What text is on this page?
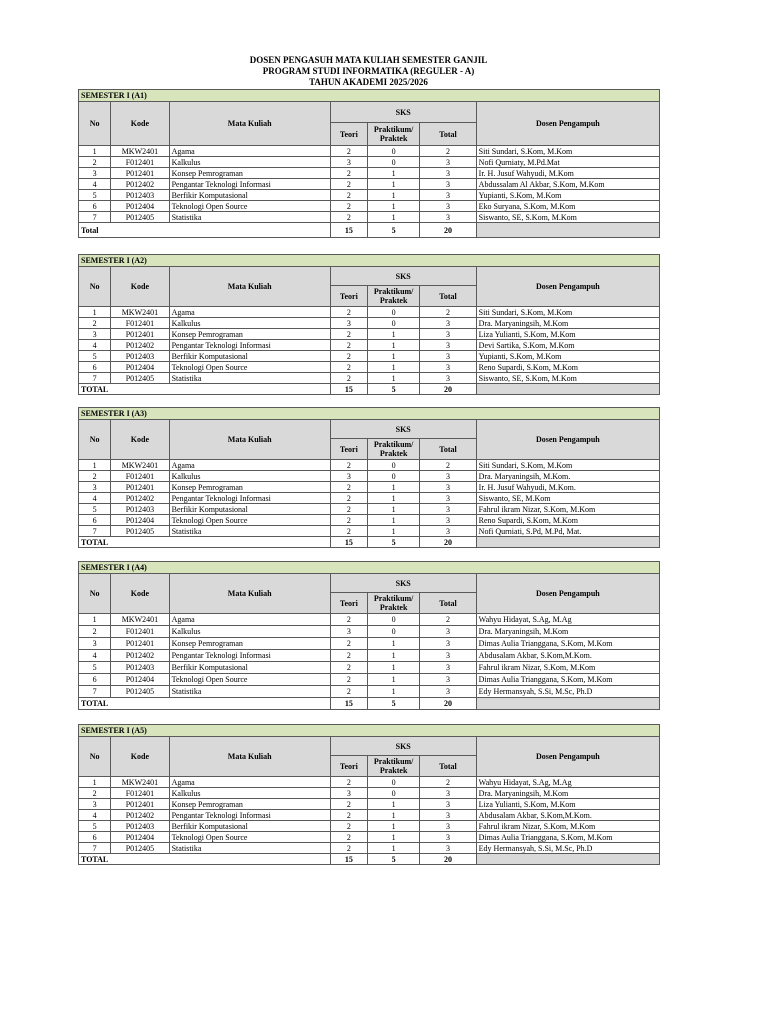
DOSEN PENGASUH MATA KULIAH SEMESTER GANJIL
PROGRAM STUDI INFORMATIKA (REGULER - A)
TAHUN AKADEMI 2025/2026
SEMESTER I (A1)						
No	Kode	Mata Kuliah	SKS			Dosen Pengampuh
			Teori	Praktikum/
Praktek	Total	
1	MKW2401	Agama	2	0	2	Siti Sundari, S.Kom, M.Kom
2	F012401	Kalkulus	3	0	3	Nofi Qurniaty, M.Pd.Mat
3	P012401	Konsep Pemrograman	2	1	3	Ir. H. Jusuf Wahyudi, M.Kom
4	P012402	Pengantar Teknologi Informasi	2	1	3	Abdussalam Al Akbar, S.Kom, M.Kom
5	P012403	Berfikir Komputasional	2	1	3	Yupianti, S.Kom, M.Kom
6	P012404	Teknologi Open Source	2	1	3	Eko Suryana, S.Kom, M.Kom
7	P012405	Statistika	2	1	3	Siswanto, SE, S.Kom, M.Kom
Total			15	5	20	
SEMESTER I (A2)						
No	Kode	Mata Kuliah	SKS			Dosen Pengampuh
			Teori	Praktikum/
Praktek	Total	
1	MKW2401	Agama	2	0	2	Siti Sundari, S.Kom, M.Kom
2	F012401	Kalkulus	3	0	3	Dra. Maryaningsih, M.Kom
3	P012401	Konsep Pemrograman	2	1	3	Liza Yulianti, S.Kom, M.Kom
4	P012402	Pengantar Teknologi Informasi	2	1	3	Devi Sartika, S.Kom, M.Kom
5	P012403	Berfikir Komputasional	2	1	3	Yupianti, S.Kom, M.Kom
6	P012404	Teknologi Open Source	2	1	3	Reno Supardi, S.Kom, M.Kom
7	P012405	Statistika	2	1	3	Siswanto, SE, S.Kom, M.Kom
TOTAL			15	5	20	
SEMESTER I (A3)						
No	Kode	Mata Kuliah	SKS			Dosen Pengampuh
			Teori	Praktikum/
Praktek	Total	
1	MKW2401	Agama	2	0	2	Siti Sundari, S.Kom, M.Kom
2	F012401	Kalkulus	3	0	3	Dra. Maryaningsih, M.Kom.
3	P012401	Konsep Pemrograman	2	1	3	Ir. H. Jusuf Wahyudi, M.Kom.
4	P012402	Pengantar Teknologi Informasi	2	1	3	Siswanto, SE, M.Kom
5	P012403	Berfikir Komputasional	2	1	3	Fahrul ikram Nizar, S.Kom, M.Kom
6	P012404	Teknologi Open Source	2	1	3	Reno Supardi, S.Kom, M.Kom
7	P012405	Statistika	2	1	3	Nofi Qurniati, S.Pd, M.Pd, Mat.
TOTAL			15	5	20	
SEMESTER I (A4)						
No	Kode	Mata Kuliah	SKS			Dosen Pengampuh
			Teori	Praktikum/
Praktek	Total	
1	MKW2401	Agama	2	0	2	Wahyu Hidayat, S.Ag, M.Ag
2	F012401	Kalkulus	3	0	3	Dra. Maryaningsih, M.Kom
3	P012401	Konsep Pemrograman	2	1	3	Dimas Aulia Trianggana, S.Kom, M.Kom
4	P012402	Pengantar Teknologi Informasi	2	1	3	Abdusalam Akbar, S.Kom,M.Kom.
5	P012403	Berfikir Komputasional	2	1	3	Fahrul ikram Nizar, S.Kom, M.Kom
6	P012404	Teknologi Open Source	2	1	3	Dimas Aulia Trianggana, S.Kom, M.Kom
7	P012405	Statistika	2	1	3	Edy Hermansyah, S.Si, M.Sc, Ph.D
TOTAL			15	5	20	
SEMESTER I (A5)						
No	Kode	Mata Kuliah	SKS			Dosen Pengampuh
			Teori	Praktikum/
Praktek	Total	
1	MKW2401	Agama	2	0	2	Wahyu Hidayat, S.Ag, M.Ag
2	F012401	Kalkulus	3	0	3	Dra. Maryaningsih, M.Kom
3	P012401	Konsep Pemrograman	2	1	3	Liza Yulianti, S.Kom, M.Kom
4	P012402	Pengantar Teknologi Informasi	2	1	3	Abdusalam Akbar, S.Kom,M.Kom.
5	P012403	Berfikir Komputasional	2	1	3	Fahrul ikram Nizar, S.Kom, M.Kom
6	P012404	Teknologi Open Source	2	1	3	Dimas Aulia Trianggana, S.Kom, M.Kom
7	P012405	Statistika	2	1	3	Edy Hermansyah, S.Si, M.Sc, Ph.D
TOTAL			15	5	20	
